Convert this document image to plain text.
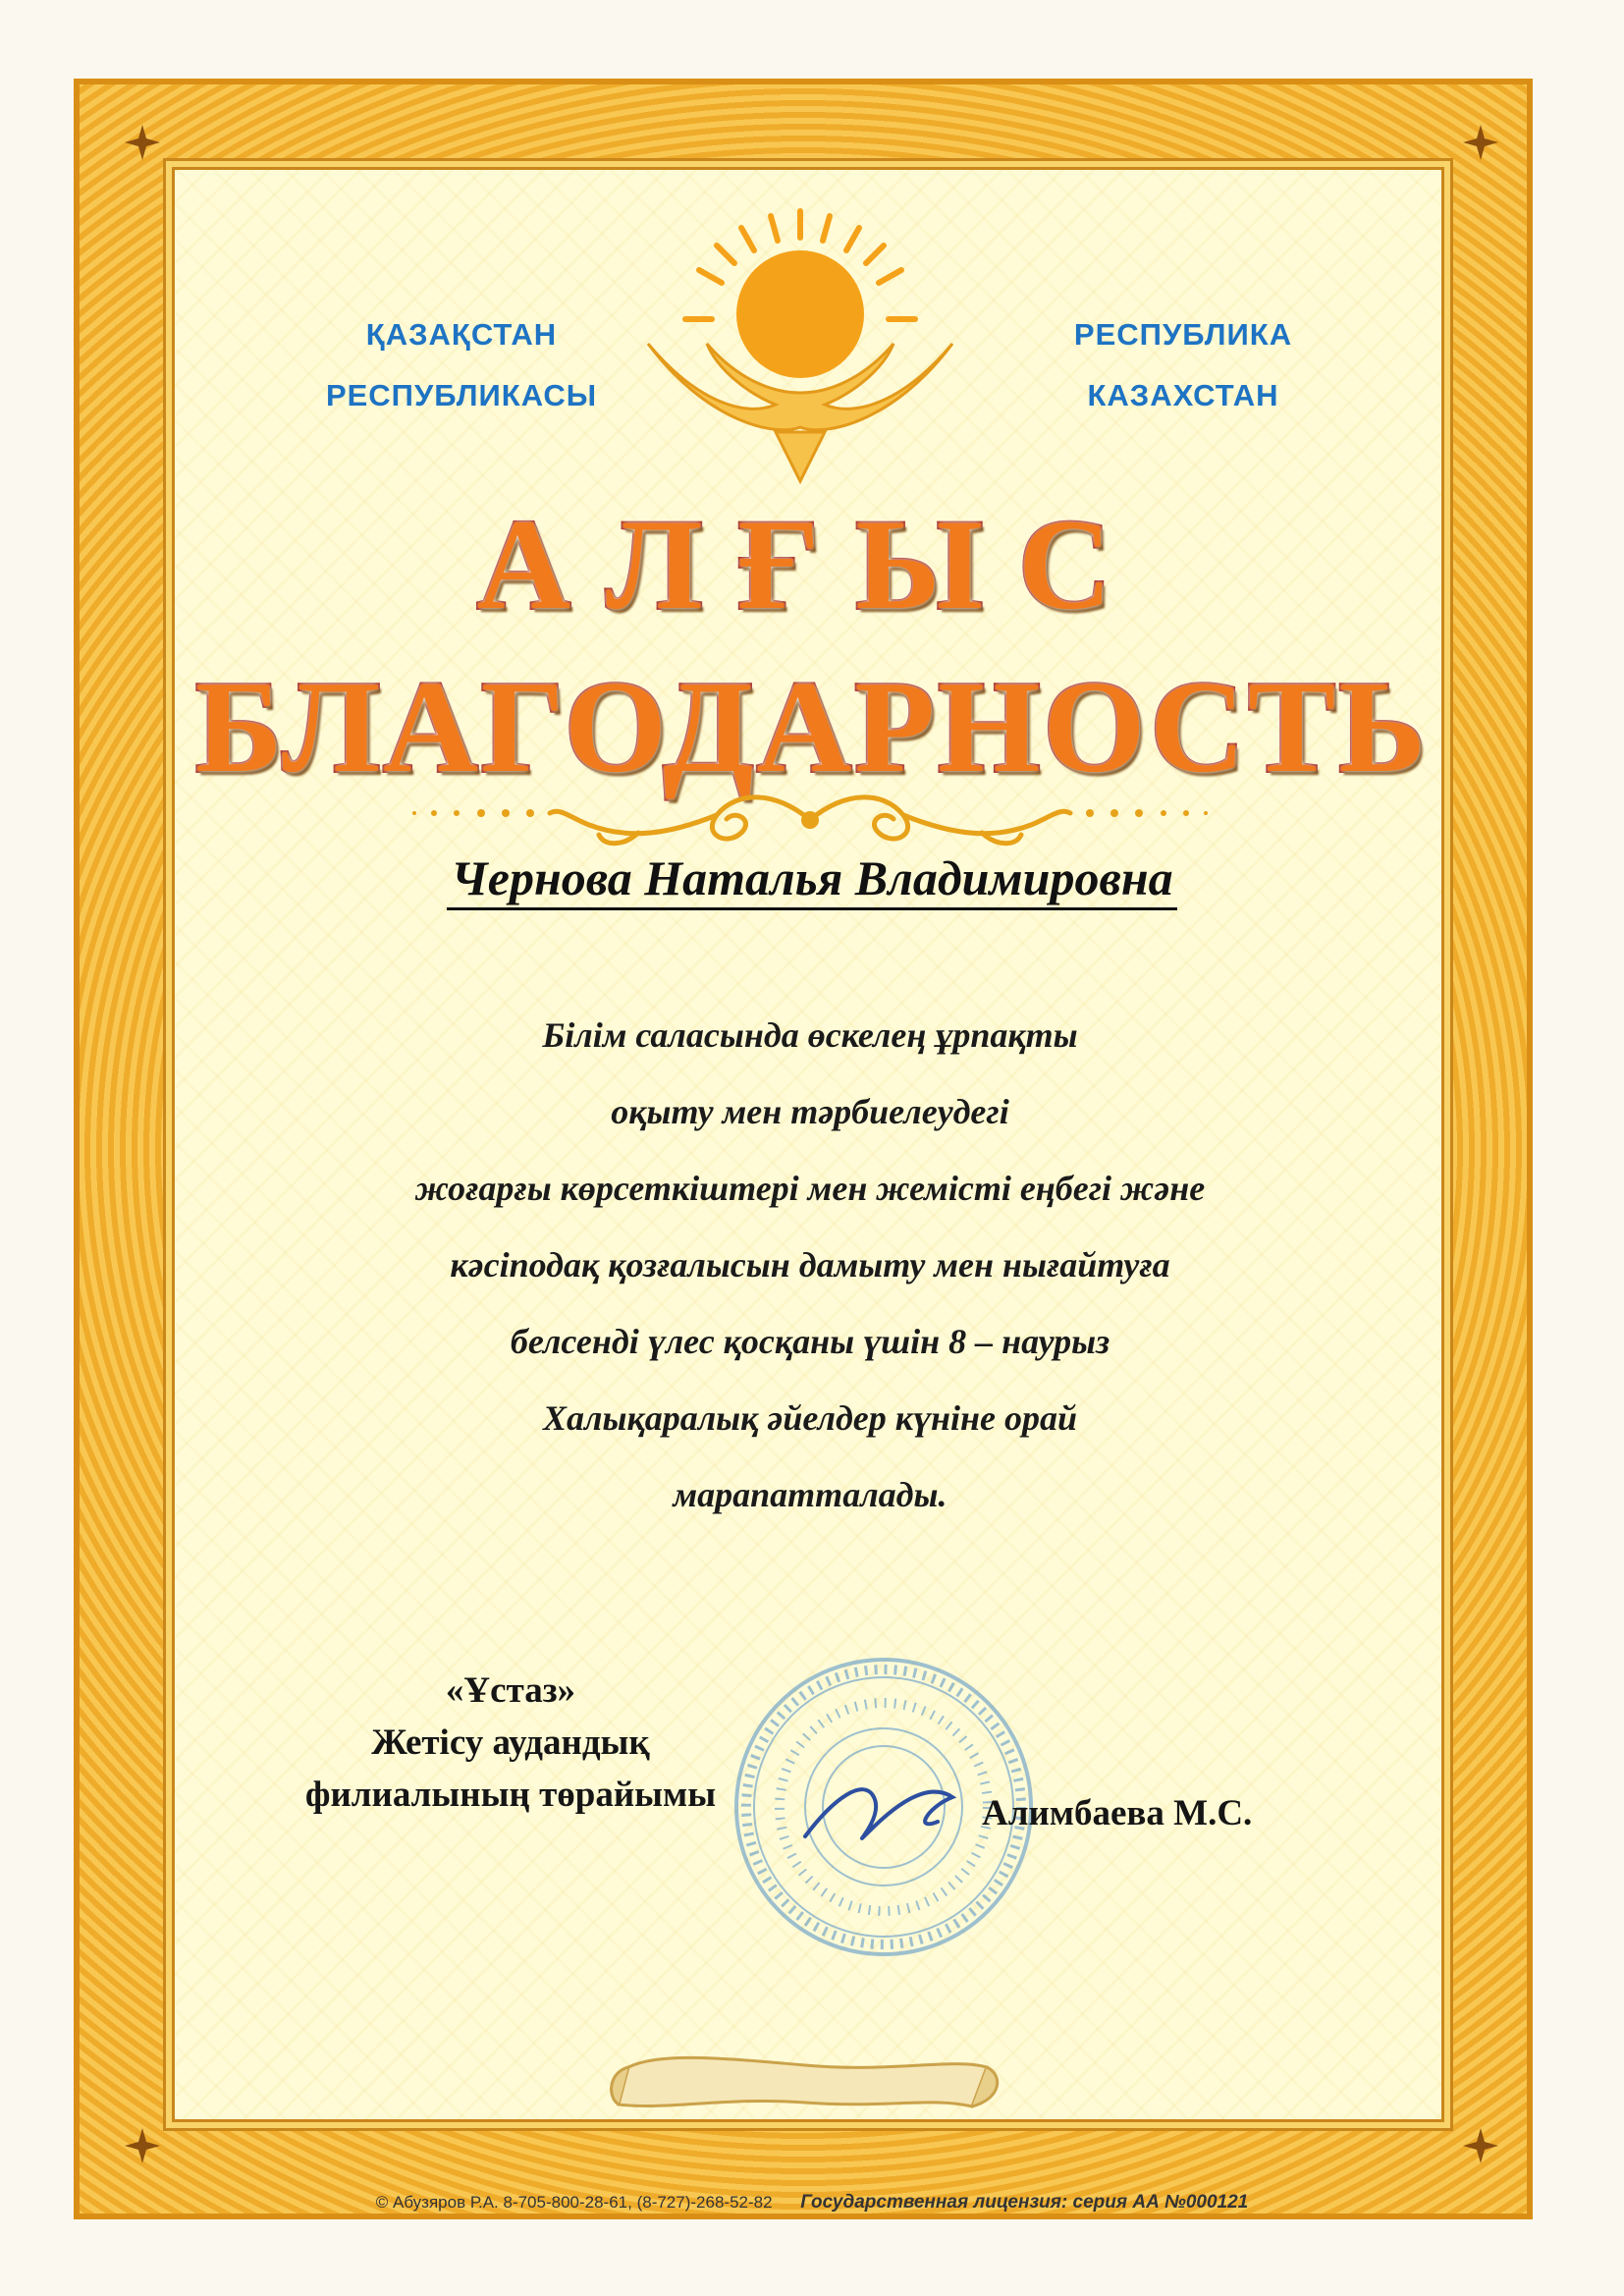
ҚАЗАҚСТАН
РЕСПУБЛИКАСЫ
РЕСПУБЛИКА
КАЗАХСТАН
АЛҒЫС
БЛАГОДАРНОСТЬ
Чернова Наталья Владимировна
Білім саласында өскелең ұрпақты
оқыту мен тәрбиелеудегі
жоғарғы көрсеткіштері мен жемісті еңбегі және
кәсіподақ қозғалысын дамыту мен нығайтуға
белсенді үлес қосқаны үшін 8 – наурыз
Халықаралық әйелдер күніне орай
марапатталады.
«Ұстаз»
Жетісу аудандық
филиалының төрайымы	Алимбаева М.С.
© Абузяров Р.А. 8-705-800-28-61, (8-727)-268-52-82 Государственная лицензия: серия АА №000121
